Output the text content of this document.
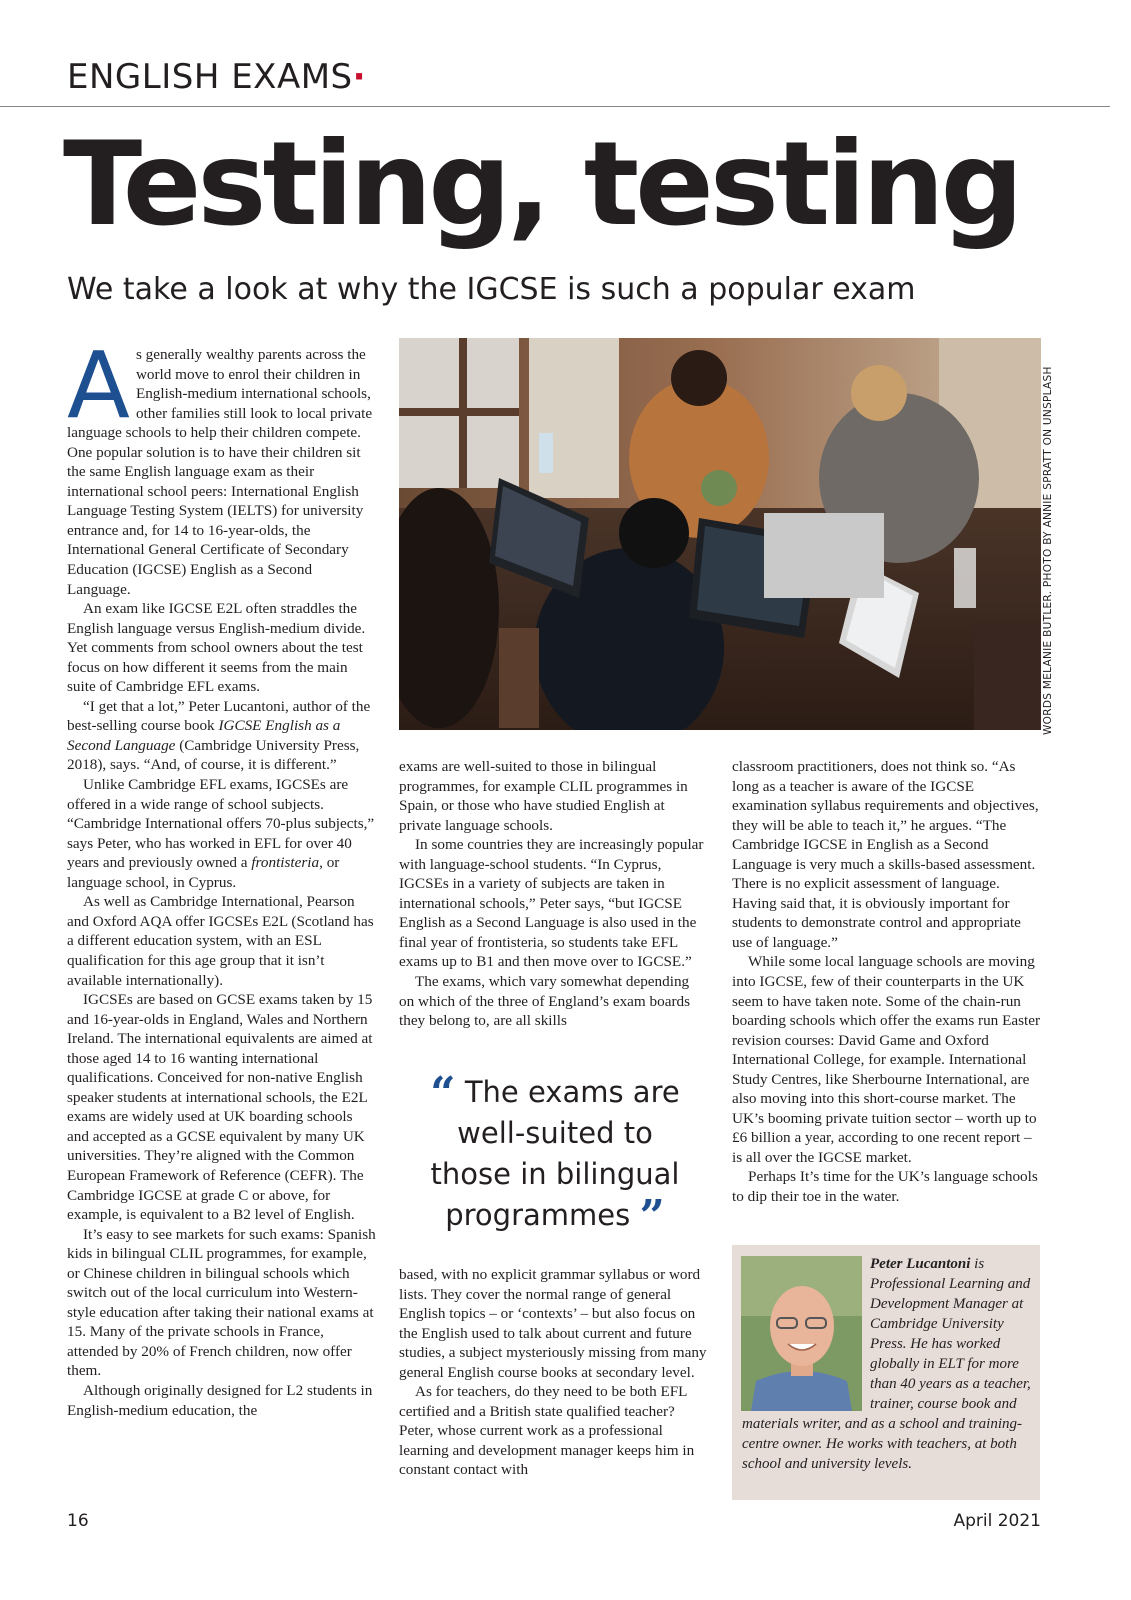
ENGLISH EXAMS·
Testing, testing
We take a look at why the IGCSE is such a popular exam

As generally wealthy parents across the world move to enrol their children in English-medium international schools, other families still look to local private language schools to help their children compete. One popular solution is to have their children sit the same English language exam as their international school peers: International English Language Testing System (IELTS) for university entrance and, for 14 to 16-year-olds, the International General Certificate of Secondary Education (IGCSE) English as a Second Language.

An exam like IGCSE E2L often straddles the English language versus English-medium divide. Yet comments from school owners about the test focus on how different it seems from the main suite of Cambridge EFL exams.

“I get that a lot,” Peter Lucantoni, author of the best-selling course book IGCSE English as a Second Language (Cambridge University Press, 2018), says. “And, of course, it is different.”

Unlike Cambridge EFL exams, IGCSEs are offered in a wide range of school subjects. “Cambridge International offers 70-plus subjects,” says Peter, who has worked in EFL for over 40 years and previously owned a frontisteria, or language school, in Cyprus.

As well as Cambridge International, Pearson and Oxford AQA offer IGCSEs E2L (Scotland has a different education system, with an ESL qualification for this age group that it isn’t available internationally).

IGCSEs are based on GCSE exams taken by 15 and 16-year-olds in England, Wales and Northern Ireland. The international equivalents are aimed at those aged 14 to 16 wanting international qualifications. Conceived for non-native English speaker students at international schools, the E2L exams are widely used at UK boarding schools and accepted as a GCSE equivalent by many UK universities. They’re aligned with the Common European Framework of Reference (CEFR). The Cambridge IGCSE at grade C or above, for example, is equivalent to a B2 level of English.

It’s easy to see markets for such exams: Spanish kids in bilingual CLIL programmes, for example, or Chinese children in bilingual schools which switch out of the local curriculum into Western-style education after taking their national exams at 15. Many of the private schools in France, attended by 20% of French children, now offer them.

Although originally designed for L2 students in English-medium education, the

WORDS MELANIE BUTLER. PHOTO BY ANNIE SPRATT ON UNSPLASH

exams are well-suited to those in bilingual programmes, for example CLIL programmes in Spain, or those who have studied English at private language schools.

In some countries they are increasingly popular with language-school students. “In Cyprus, IGCSEs in a variety of subjects are taken in international schools,” Peter says, “but IGCSE English as a Second Language is also used in the final year of frontisteria, so students take EFL exams up to B1 and then move over to IGCSE.”

The exams, which vary somewhat depending on which of the three of England’s exam boards they belong to, are all skills

“ The exams are well-suited to those in bilingual programmes ”

based, with no explicit grammar syllabus or word lists. They cover the normal range of general English topics – or ‘contexts’ – but also focus on the English used to talk about current and future studies, a subject mysteriously missing from many general English course books at secondary level.

As for teachers, do they need to be both EFL certified and a British state qualified teacher? Peter, whose current work as a professional learning and development manager keeps him in constant contact with

classroom practitioners, does not think so. “As long as a teacher is aware of the IGCSE examination syllabus requirements and objectives, they will be able to teach it,” he argues. “The Cambridge IGCSE in English as a Second Language is very much a skills-based assessment. There is no explicit assessment of language. Having said that, it is obviously important for students to demonstrate control and appropriate use of language.”

While some local language schools are moving into IGCSE, few of their counterparts in the UK seem to have taken note. Some of the chain-run boarding schools which offer the exams run Easter revision courses: David Game and Oxford International College, for example. International Study Centres, like Sherbourne International, are also moving into this short-course market. The UK’s booming private tuition sector – worth up to £6 billion a year, according to one recent report – is all over the IGCSE market.

Perhaps It’s time for the UK’s language schools to dip their toe in the water.

Peter Lucantoni is Professional Learning and Development Manager at Cambridge University Press. He has worked globally in ELT for more than 40 years as a teacher, trainer, course book and materials writer, and as a school and training-centre owner. He works with teachers, at both school and university levels.
16	April 2021
